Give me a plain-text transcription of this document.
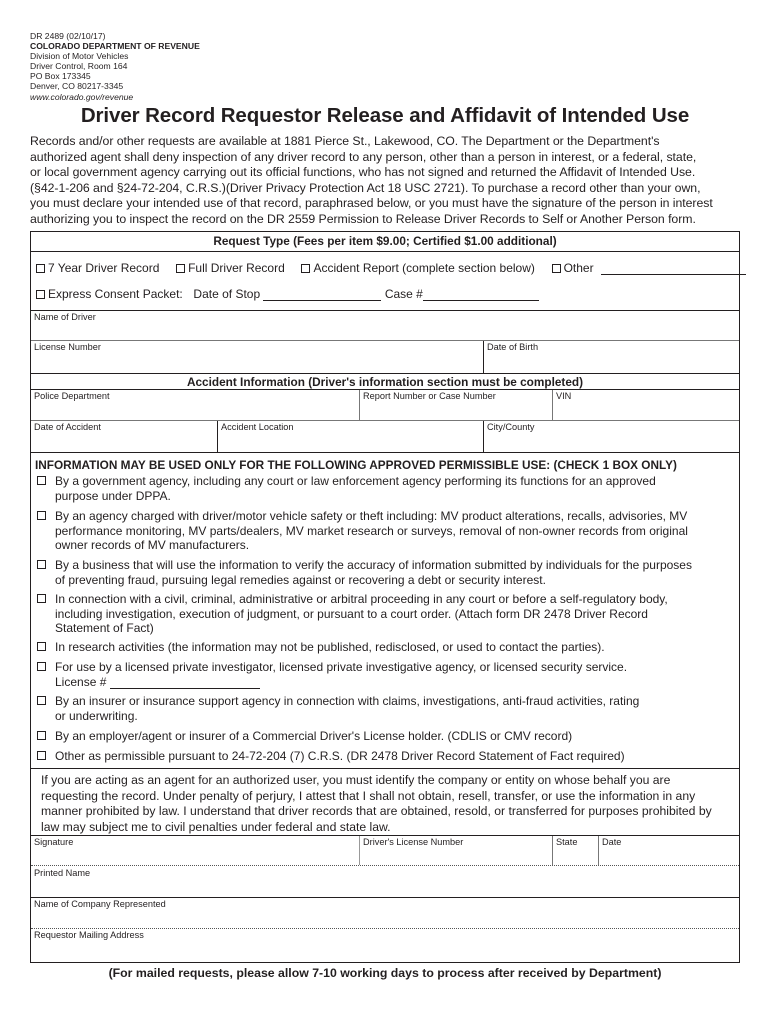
DR 2489 (02/10/17)
COLORADO DEPARTMENT OF REVENUE
Division of Motor Vehicles
Driver Control, Room 164
PO Box 173345
Denver, CO 80217-3345
www.colorado.gov/revenue
Driver Record Requestor Release and Affidavit of Intended Use
Records and/or other requests are available at 1881 Pierce St., Lakewood, CO. The Department or the Department's
authorized agent shall deny inspection of any driver record to any person, other than a person in interest, or a federal, state,
or local government agency carrying out its official functions, who has not signed and returned the Affidavit of Intended Use.
(§42-1-206 and §24-72-204, C.R.S.)(Driver Privacy Protection Act 18 USC 2721). To purchase a record other than your own,
you must declare your intended use of that record, paraphrased below, or you must have the signature of the person in interest
authorizing you to inspect the record on the DR 2559 Permission to Release Driver Records to Self or Another Person form.
Request Type (Fees per item $9.00; Certified $1.00 additional)
7 Year Driver Record Full Driver Record Accident Report (complete section below) Other
Express Consent Packet: Date of Stop	Case #
Name of Driver
License Number	Date of Birth
Accident Information (Driver's information section must be completed)
Police Department	Report Number or Case Number	VIN
Date of Accident	Accident Location	City/County
INFORMATION MAY BE USED ONLY FOR THE FOLLOWING APPROVED PERMISSIBLE USE: (CHECK 1 BOX ONLY)
By a government agency, including any court or law enforcement agency performing its functions for an approved
purpose under DPPA.
By an agency charged with driver/motor vehicle safety or theft including: MV product alterations, recalls, advisories, MV
performance monitoring, MV parts/dealers, MV market research or surveys, removal of non-owner records from original
owner records of MV manufacturers.
By a business that will use the information to verify the accuracy of information submitted by individuals for the purposes
of preventing fraud, pursuing legal remedies against or recovering a debt or security interest.
In connection with a civil, criminal, administrative or arbitral proceeding in any court or before a self-regulatory body,
including investigation, execution of judgment, or pursuant to a court order. (Attach form DR 2478 Driver Record
Statement of Fact)
In research activities (the information may not be published, redisclosed, or used to contact the parties).
For use by a licensed private investigator, licensed private investigative agency, or licensed security service.
License #
By an insurer or insurance support agency in connection with claims, investigations, anti-fraud activities, rating
or underwriting.
By an employer/agent or insurer of a Commercial Driver's License holder. (CDLIS or CMV record)
Other as permissible pursuant to 24-72-204 (7) C.R.S. (DR 2478 Driver Record Statement of Fact required)
If you are acting as an agent for an authorized user, you must identify the company or entity on whose behalf you are
requesting the record. Under penalty of perjury, I attest that I shall not obtain, resell, transfer, or use the information in any
manner prohibited by law. I understand that driver records that are obtained, resold, or transferred for purposes prohibited by
law may subject me to civil penalties under federal and state law.
Signature	Driver's License Number	State	Date
Printed Name
Name of Company Represented
Requestor Mailing Address
(For mailed requests, please allow 7-10 working days to process after received by Department)
